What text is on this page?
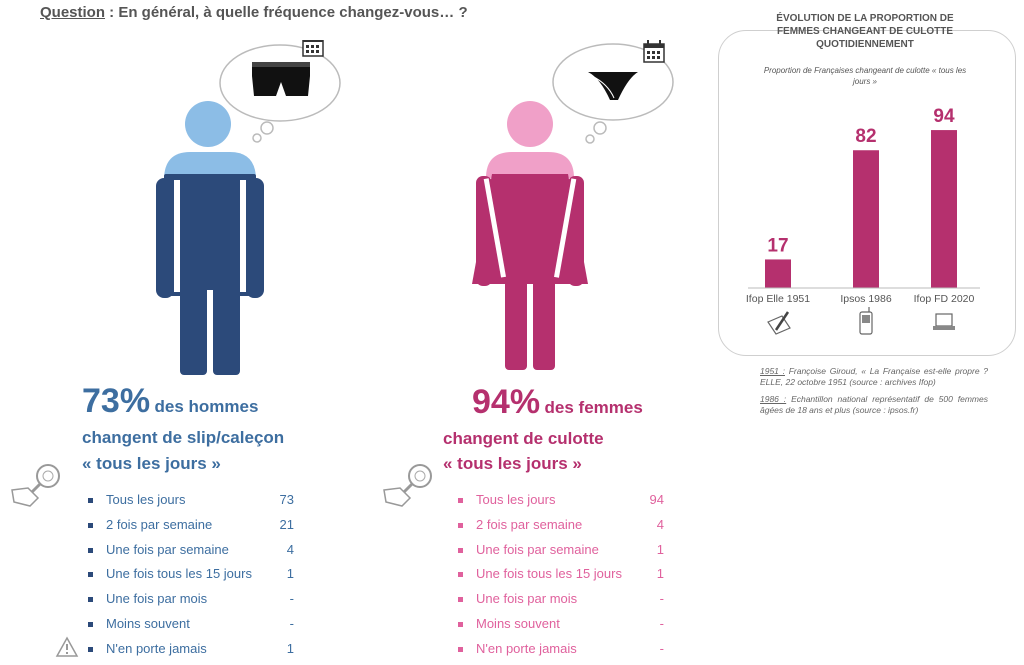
Question : En général, à quelle fréquence changez-vous… ?
73% des hommes
changent de slip/caleçon
« tous les jours »
Tous les jours	73
2 fois par semaine	21
Une fois par semaine	4
Une fois tous les 15 jours	1
Une fois par mois	-
Moins souvent	-
N'en porte jamais	1
94% des femmes
changent de culotte
« tous les jours »
Tous les jours	94
2 fois par semaine	4
Une fois par semaine	1
Une fois tous les 15 jours	1
Une fois par mois	-
Moins souvent	-
N'en porte jamais	-
ÉVOLUTION DE LA PROPORTION DE FEMMES CHANGEANT DE CULOTTE QUOTIDIENNEMENT
Proportion de Françaises changeant de culotte « tous les jours »
17
Ifop Elle 1951
82
Ipsos 1986
94
Ifop FD 2020
1951 : Françoise Giroud, « La Française est-elle propre ? ELLE, 22 octobre 1951 (source : archives Ifop)
1986 : Echantillon national représentatif de 500 femmes âgées de 18 ans et plus (source : ipsos.fr)
